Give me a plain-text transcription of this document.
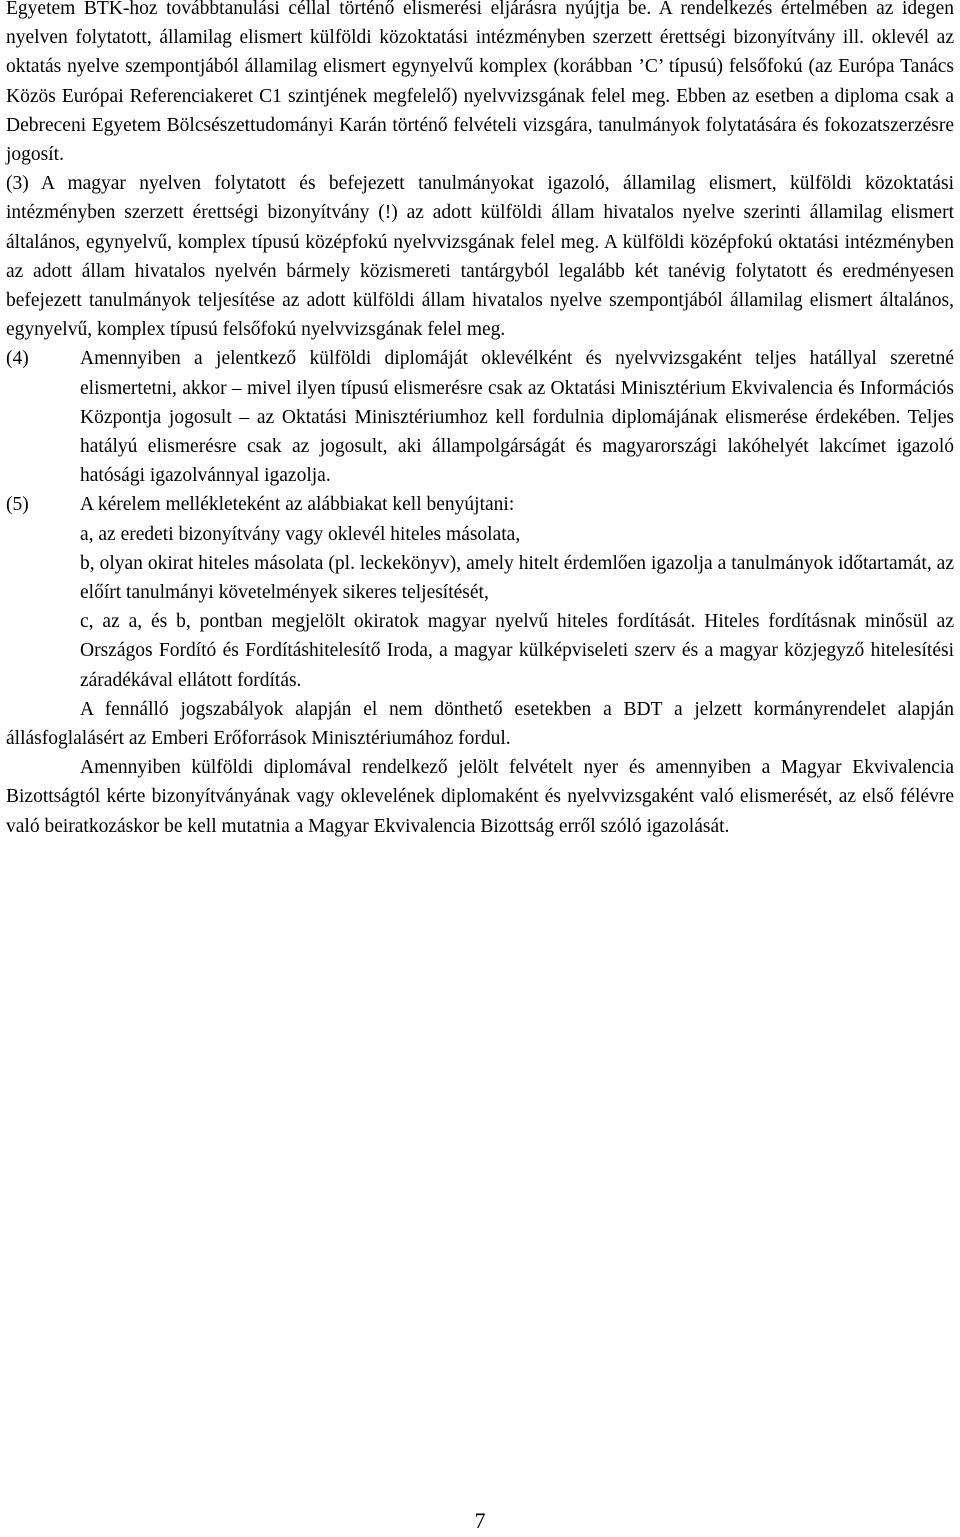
Egyetem BTK-hoz továbbtanulási céllal történő elismerési eljárásra nyújtja be. A rendelkezés értelmében az idegen nyelven folytatott, államilag elismert külföldi közoktatási intézményben szerzett érettségi bizonyítvány ill. oklevél az oktatás nyelve szempontjából államilag elismert egynyelvű komplex (korábban ’C’ típusú) felsőfokú (az Európa Tanács Közös Európai Referenciakeret C1 szintjének megfelelő) nyelvvizsgának felel meg. Ebben az esetben a diploma csak a Debreceni Egyetem Bölcsészettudományi Karán történő felvételi vizsgára, tanulmányok folytatására és fokozatszerzésre jogosít.

(3) A magyar nyelven folytatott és befejezett tanulmányokat igazoló, államilag elismert, külföldi közoktatási intézményben szerzett érettségi bizonyítvány (!) az adott külföldi állam hivatalos nyelve szerinti államilag elismert általános, egynyelvű, komplex típusú középfokú nyelvvizsgának felel meg. A külföldi középfokú oktatási intézményben az adott állam hivatalos nyelvén bármely közismereti tantárgyból legalább két tanévig folytatott és eredményesen befejezett tanulmányok teljesítése az adott külföldi állam hivatalos nyelve szempontjából államilag elismert általános, egynyelvű, komplex típusú felsőfokú nyelvvizsgának felel meg.

(4)	Amennyiben a jelentkező külföldi diplomáját oklevélként és nyelvvizsgaként teljes hatállyal szeretné elismertetni, akkor – mivel ilyen típusú elismerésre csak az Oktatási Minisztérium Ekvivalencia és Információs Központja jogosult – az Oktatási Minisztériumhoz kell fordulnia diplomájának elismerése érdekében. Teljes hatályú elismerésre csak az jogosult, aki állampolgárságát és magyarországi lakóhelyét lakcímet igazoló hatósági igazolvánnyal igazolja.
(5)	A kérelem mellékleteként az alábbiakat kell benyújtani:

a, az eredeti bizonyítvány vagy oklevél hiteles másolata,

b, olyan okirat hiteles másolata (pl. leckekönyv), amely hitelt érdemlően igazolja a tanulmányok időtartamát, az előírt tanulmányi követelmények sikeres teljesítését,

c, az a, és b, pontban megjelölt okiratok magyar nyelvű hiteles fordítását. Hiteles fordításnak minősül az Országos Fordító és Fordításhitelesítő Iroda, a magyar külképviseleti szerv és a magyar közjegyző hitelesítési záradékával ellátott fordítás.

A fennálló jogszabályok alapján el nem dönthető esetekben a BDT a jelzett kormányrendelet alapján állásfoglalásért az Emberi Erőforrások Minisztériumához fordul.

Amennyiben külföldi diplomával rendelkező jelölt felvételt nyer és amennyiben a Magyar Ekvivalencia Bizottságtól kérte bizonyítványának vagy oklevelének diplomaként és nyelvvizsgaként való elismerését, az első félévre való beiratkozáskor be kell mutatnia a Magyar Ekvivalencia Bizottság erről szóló igazolását.

7
